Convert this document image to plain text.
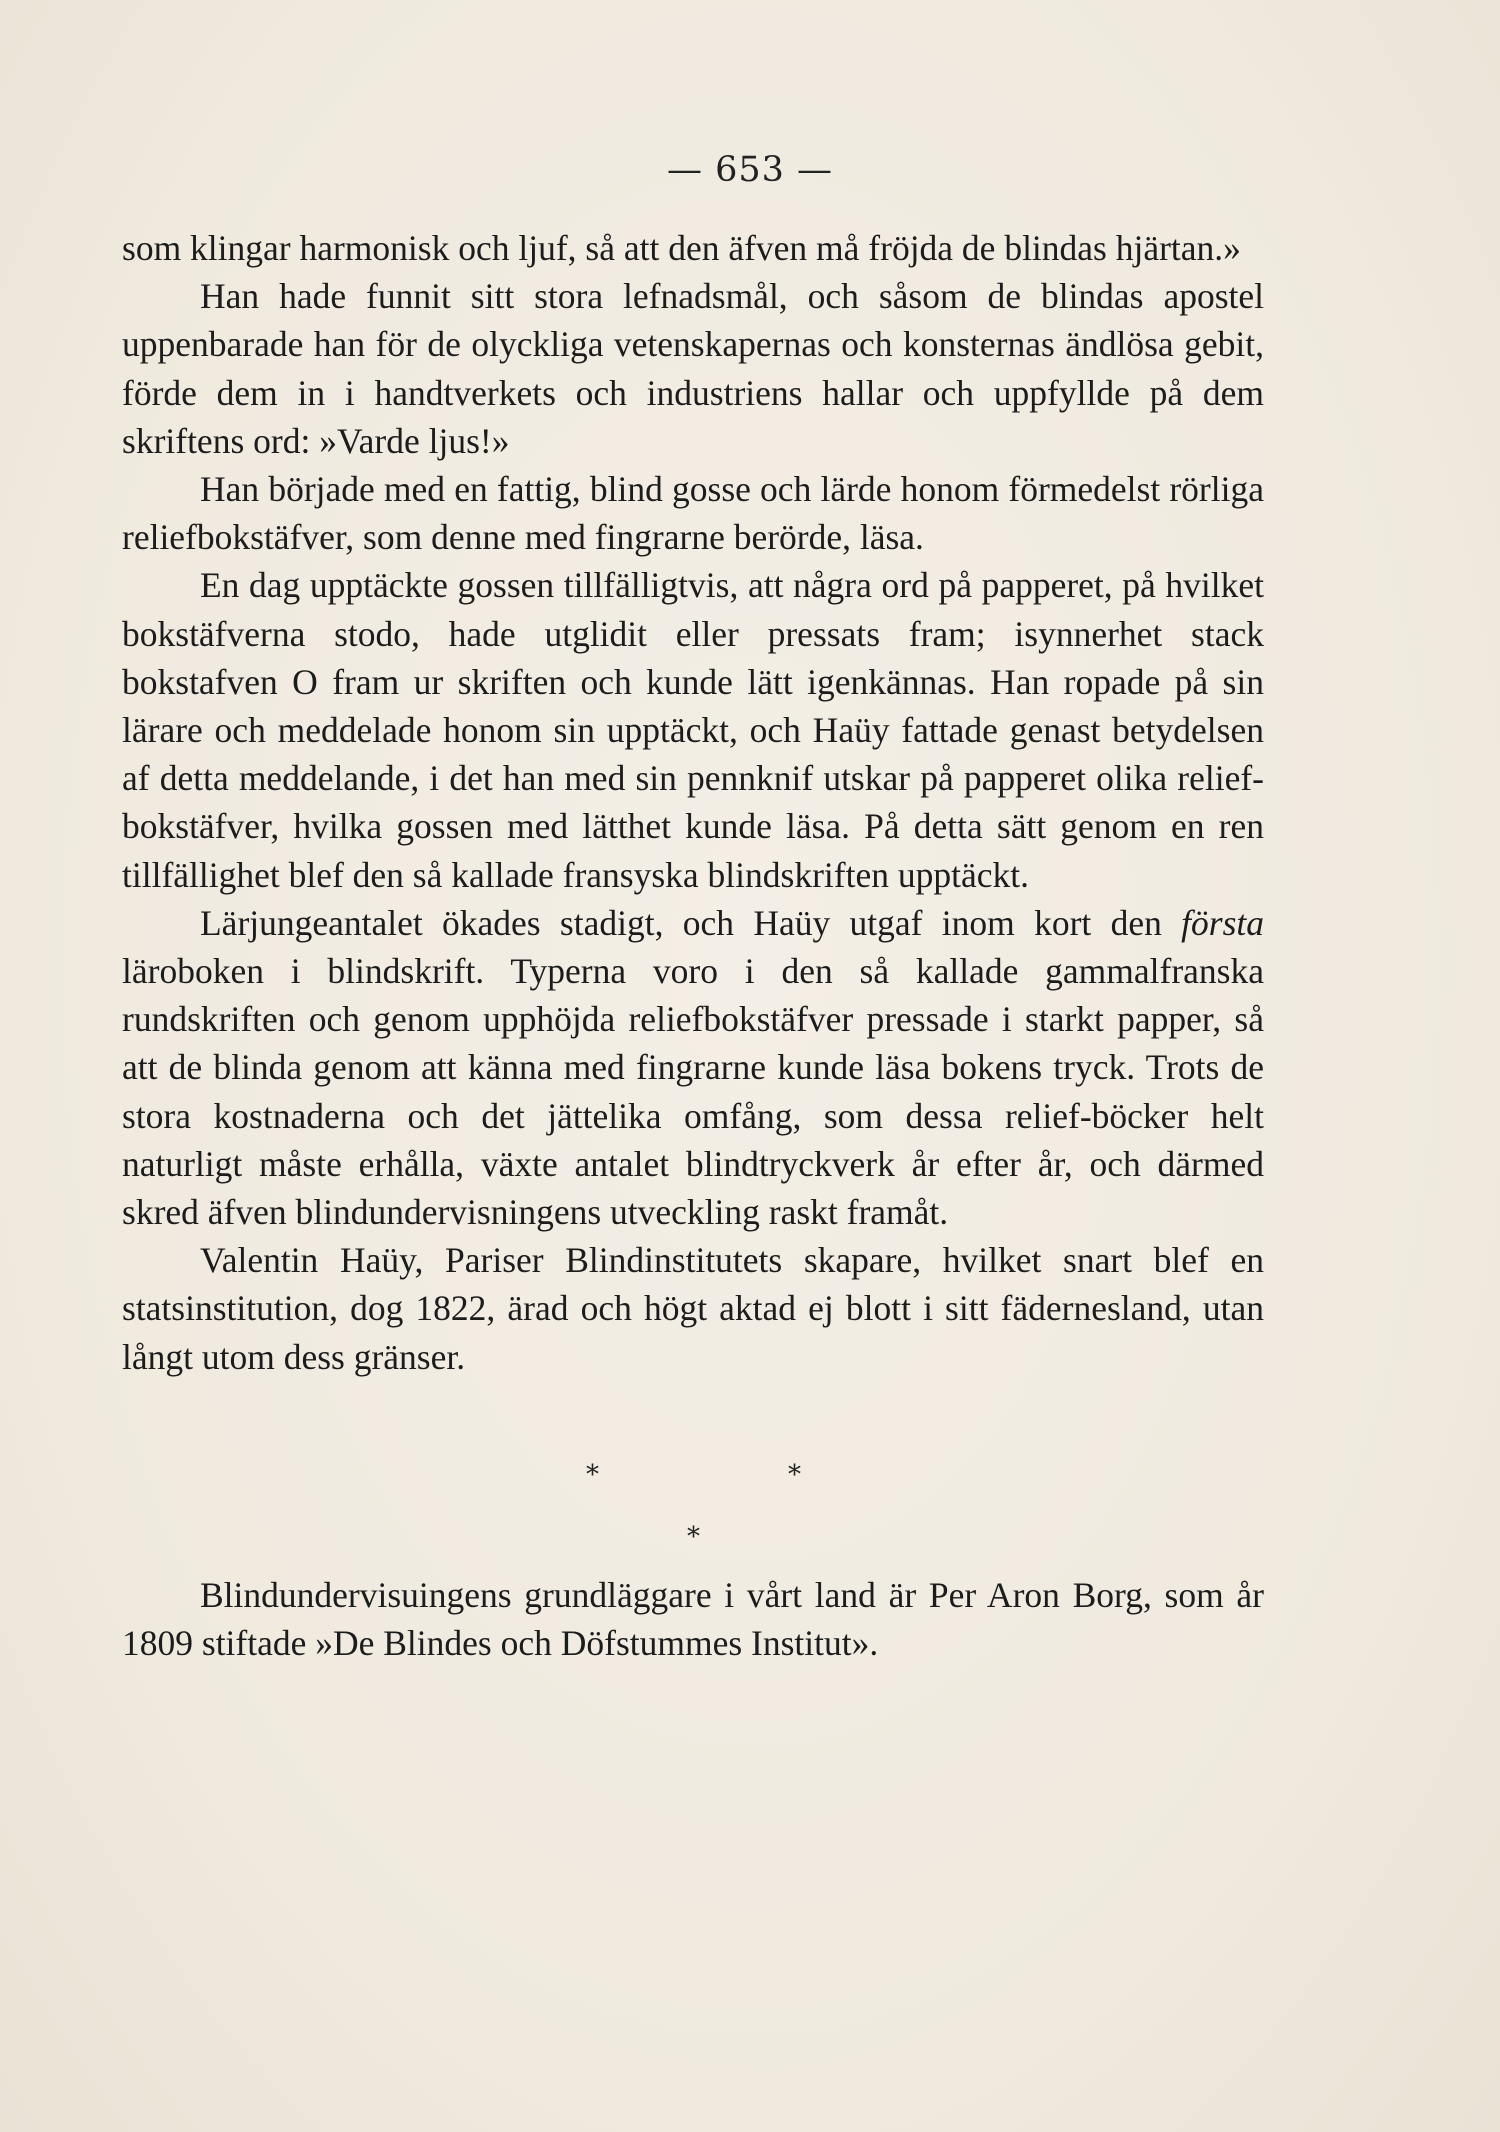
— 653 —

som klingar harmonisk och ljuf, så att den äfven må fröjda de blindas hjärtan.»

Han hade funnit sitt stora lefnadsmål, och såsom de blindas apostel uppenbarade han för de olyckliga vetenskapernas och konsternas ändlösa gebit, förde dem in i handtverkets och industriens hallar och uppfyllde på dem skriftens ord: »Varde ljus!»

Han började med en fattig, blind gosse och lärde honom förmedelst rörliga reliefbokstäfver, som denne med fingrarne berörde, läsa.

En dag upptäckte gossen tillfälligtvis, att några ord på papperet, på hvilket bokstäfverna stodo, hade utglidit eller pressats fram; isynnerhet stack bokstafven O fram ur skriften och kunde lätt igenkännas. Han ropade på sin lärare och meddelade honom sin upptäckt, och Haüy fattade genast betydelsen af detta meddelande, i det han med sin pennknif utskar på papperet olika relief-bokstäfver, hvilka gossen med lätthet kunde läsa. På detta sätt genom en ren tillfällighet blef den så kallade fransyska blindskriften upptäckt.

Lärjungeantalet ökades stadigt, och Haüy utgaf inom kort den första läroboken i blindskrift. Typerna voro i den så kallade gammalfranska rundskriften och genom upphöjda reliefbokstäfver pressade i starkt papper, så att de blinda genom att känna med fingrarne kunde läsa bokens tryck. Trots de stora kostnaderna och det jättelika omfång, som dessa relief-böcker helt naturligt måste erhålla, växte antalet blindtryckverk år efter år, och därmed skred äfven blindundervisningens utveckling raskt framåt.

Valentin Haüy, Pariser Blindinstitutets skapare, hvilket snart blef en statsinstitution, dog 1822, ärad och högt aktad ej blott i sitt fädernesland, utan långt utom dess gränser.

*	*
*

Blindundervisuingens grundläggare i vårt land är Per Aron Borg, som år 1809 stiftade »De Blindes och Döfstummes Institut».
